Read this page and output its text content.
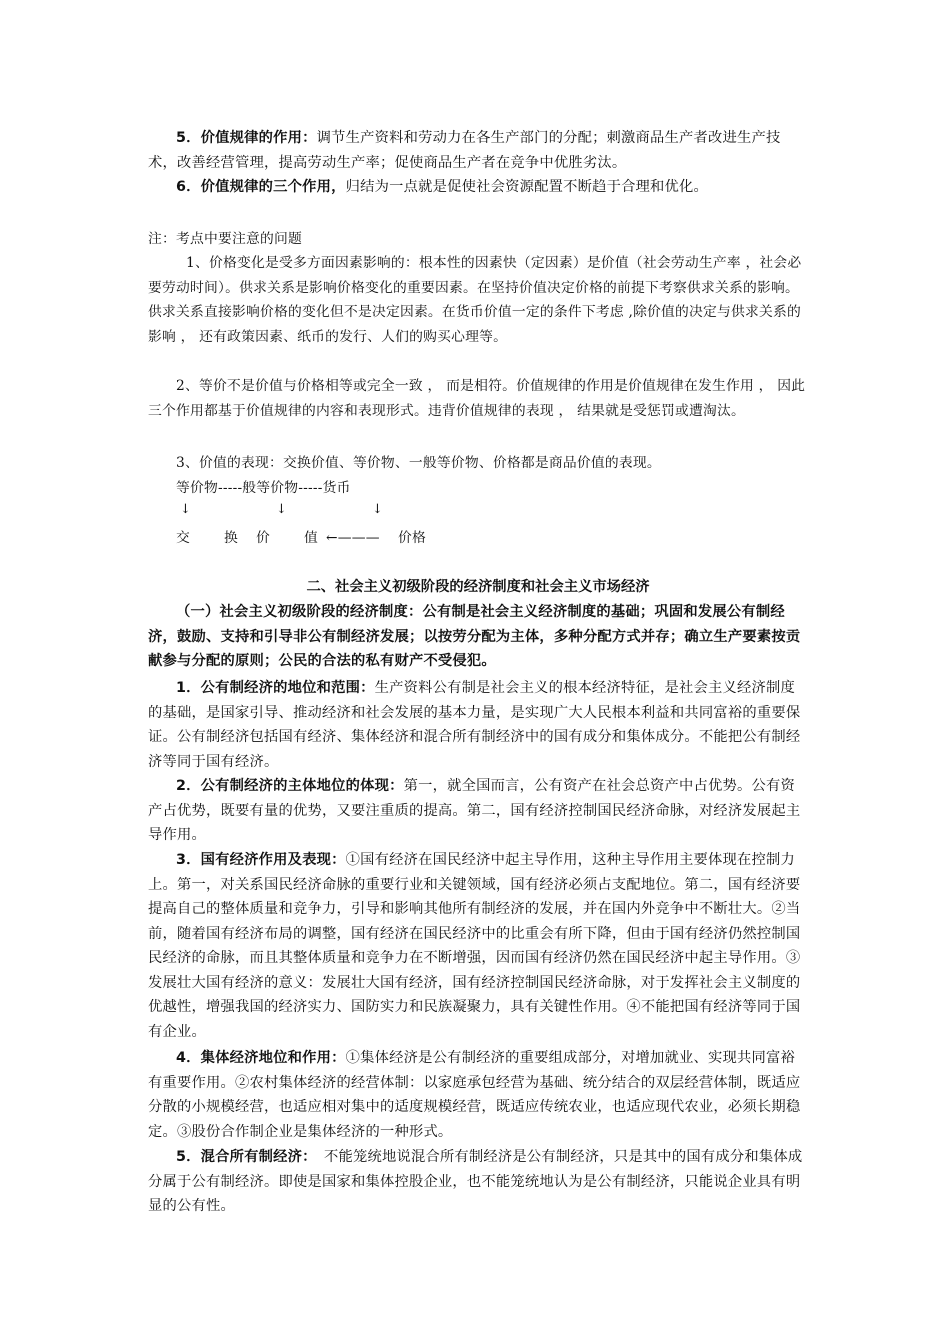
5．价值规律的作用：调节生产资料和劳动力在各生产部门的分配；刺激商品生产者改进生产技术，改善经营管理，提高劳动生产率；促使商品生产者在竞争中优胜劣汰。

6．价值规律的三个作用，归结为一点就是促使社会资源配置不断趋于合理和优化。

注：考点中要注意的问题

1、价格变化是受多方面因素影响的：根本性的因素快（定因素）是价值（社会劳动生产率 ，社会必要劳动时间）。供求关系是影响价格变化的重要因素。在坚持价值决定价格的前提下考察供求关系的影响。供求关系直接影响价格的变化但不是决定因素。在货币价值一定的条件下考虑 ,除价值的决定与供求关系的影响 ， 还有政策因素、纸币的发行、人们的购买心理等。

2、等价不是价值与价格相等或完全一致 ， 而是相符。价值规律的作用是价值规律在发生作用 ， 因此三个作用都基于价值规律的内容和表现形式。违背价值规律的表现 ， 结果就是受惩罚或遭淘汰。

3、价值的表现：交换价值、等价物、一般等价物、价格都是商品价值的表现。

等价物-----般等价物-----货币
↓	↓	↓
交	换	价	值 ←———	价格
二、社会主义初级阶段的经济制度和社会主义市场经济

（一）社会主义初级阶段的经济制度：公有制是社会主义经济制度的基础；巩固和发展公有制经济，鼓励、支持和引导非公有制经济发展；以按劳分配为主体，多种分配方式并存；确立生产要素按贡献参与分配的原则；公民的合法的私有财产不受侵犯。

1．公有制经济的地位和范围：生产资料公有制是社会主义的根本经济特征，是社会主义经济制度的基础，是国家引导、推动经济和社会发展的基本力量，是实现广大人民根本利益和共同富裕的重要保证。公有制经济包括国有经济、集体经济和混合所有制经济中的国有成分和集体成分。不能把公有制经济等同于国有经济。

2．公有制经济的主体地位的体现：第一，就全国而言，公有资产在社会总资产中占优势。公有资产占优势，既要有量的优势，又要注重质的提高。第二，国有经济控制国民经济命脉，对经济发展起主导作用。

3．国有经济作用及表现：①国有经济在国民经济中起主导作用，这种主导作用主要体现在控制力上。第一，对关系国民经济命脉的重要行业和关键领域，国有经济必须占支配地位。第二，国有经济要提高自己的整体质量和竞争力，引导和影响其他所有制经济的发展，并在国内外竞争中不断壮大。②当前，随着国有经济布局的调整，国有经济在国民经济中的比重会有所下降，但由于国有经济仍然控制国民经济的命脉，而且其整体质量和竞争力在不断增强，因而国有经济仍然在国民经济中起主导作用。③发展壮大国有经济的意义：发展壮大国有经济，国有经济控制国民经济命脉，对于发挥社会主义制度的优越性，增强我国的经济实力、国防实力和民族凝聚力，具有关键性作用。④不能把国有经济等同于国有企业。

4．集体经济地位和作用：①集体经济是公有制经济的重要组成部分，对增加就业、实现共同富裕有重要作用。②农村集体经济的经营体制：以家庭承包经营为基础、统分结合的双层经营体制，既适应分散的小规模经营，也适应相对集中的适度规模经营，既适应传统农业，也适应现代农业，必须长期稳定。③股份合作制企业是集体经济的一种形式。

5．混合所有制经济：　不能笼统地说混合所有制经济是公有制经济，只是其中的国有成分和集体成分属于公有制经济。即使是国家和集体控股企业，也不能笼统地认为是公有制经济，只能说企业具有明显的公有性。
